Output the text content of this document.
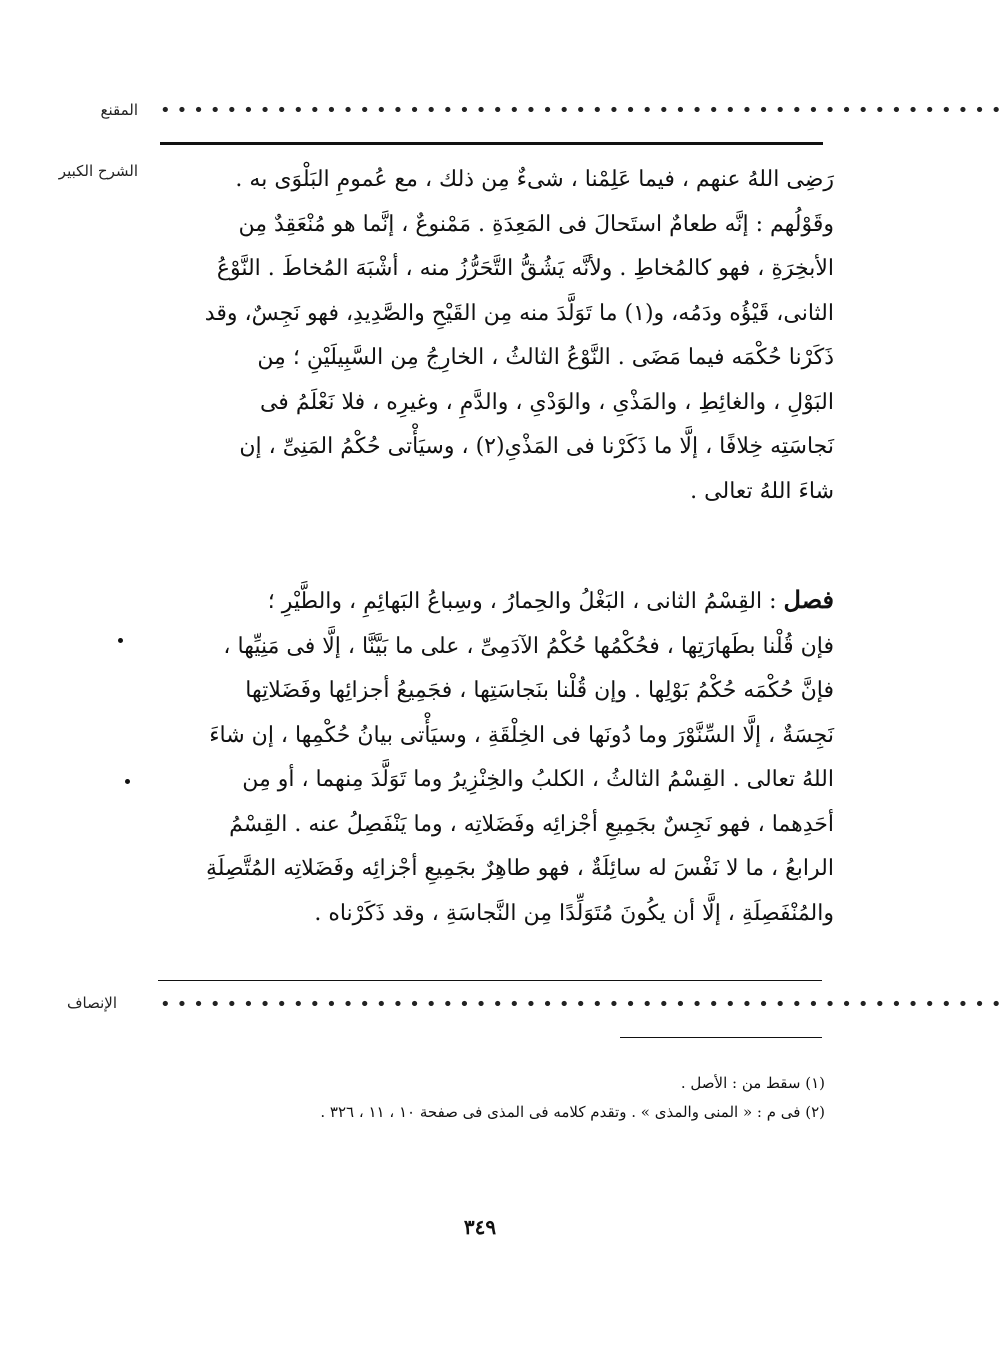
المقنع •••••••••••••••••••••••••••••••••••••••••••••••••••
الشرح الكبير	رَضِى اللهُ عنهم ، فيما عَلِمْنا ، شىءٌ مِن ذلك ، مع عُمومِ البَلْوَى به .
وقَوْلُهم : إنَّه طعامٌ استَحالَ فى المَعِدَةِ . مَمْنوعٌ ، إنَّما هو مُنْعَقِدٌ مِن
الأبخِرَةِ ، فهو كالمُخاطِ . ولأنَّه يَشُقُّ التَّحَرُّزُ منه ، أشْبَهَ المُخاطَ . النَّوْعُ
الثانى، قَيْؤُه ودَمُه، و(١) ما تَوَلَّدَ منه مِن القَيْحِ والصَّدِيدِ، فهو نَجِسٌ، وقد
ذَكَرْنا حُكْمَه فيما مَضَى . النَّوْعُ الثالثُ ، الخارِجُ مِن السَّبِيلَيْنِ ؛ مِن
البَوْلِ ، والغائِطِ ، والمَذْىِ ، والوَدْىِ ، والدَّمِ ، وغيرِه ، فلا نَعْلَمُ فى
نَجاسَتِه خِلافًا ، إلَّا ما ذَكَرْنا فى المَذْىِ(٢) ، وسيَأْتى حُكْمُ المَنِىِّ ، إن
شاءَ اللهُ تعالى .
فصل : القِسْمُ الثانى ، البَغْلُ والحِمارُ ، وسِباعُ البَهائِمِ ، والطَّيْرِ ؛
فإن قُلْنا بطَهارَتِها ، فحُكْمُها حُكْمُ الآدَمِىِّ ، على ما بَيَّنَّا ، إلَّا فى مَنِيِّها ،
فإنَّ حُكْمَه حُكْمُ بَوْلِها . وإن قُلْنا بنَجاسَتِها ، فجَمِيعُ أجزائِها وفَضَلاتِها
نَجِسَةٌ ، إلَّا السِّنَّوْرَ وما دُونَها فى الخِلْقَةِ ، وسيَأْتى بيانُ حُكْمِها ، إن شاءَ
اللهُ تعالى . القِسْمُ الثالثُ ، الكلبُ والخِنْزِيرُ وما تَوَلَّدَ مِنهما ، أو مِن
أحَدِهما ، فهو نَجِسٌ بجَمِيعِ أجْزائِه وفَضَلاتِه ، وما يَنْفَصِلُ عنه . القِسْمُ
الرابعُ ، ما لا نَفْسَ له سائِلَةٌ ، فهو طاهِرٌ بجَمِيعِ أجْزائِه وفَضَلاتِه المُتَّصِلَةِ
والمُنْفَصِلَةِ ، إلَّا أن يكُونَ مُتَوَلِّدًا مِن النَّجاسَةِ ، وقد ذَكَرْناه .
الإنصاف •••••••••••••••••••••••••••••••••••••••••••••••••••
(١) سقط من : الأصل .
(٢) فى م : « المنى والمذى » . وتقدم كلامه فى المذى فى صفحة ١٠ ، ١١ ، ٣٢٦ .
٣٤٩
